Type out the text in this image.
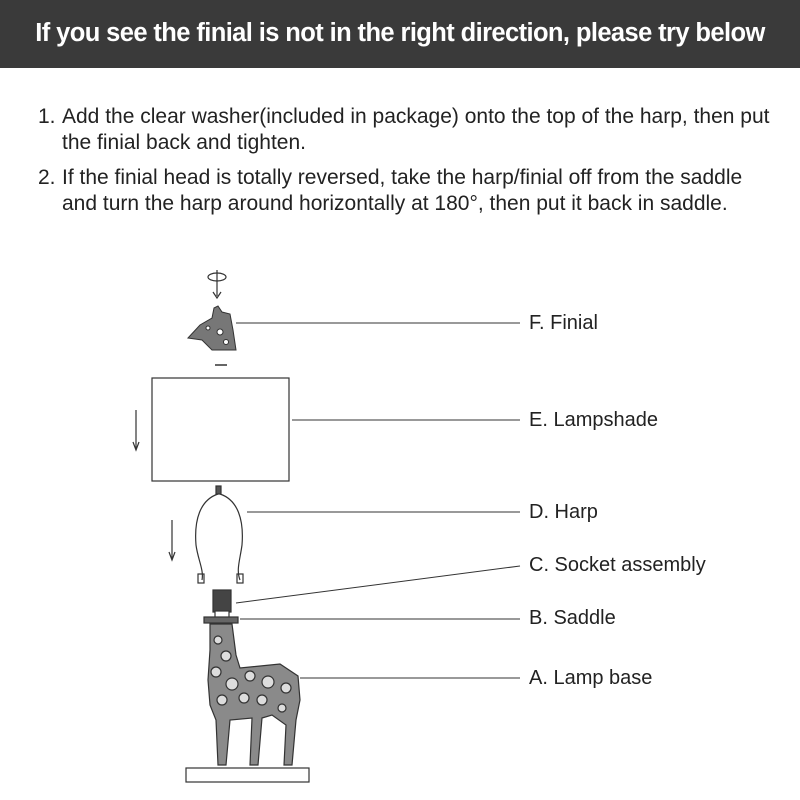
If you see the finial is not in the right direction, please try below
1. Add the clear washer(included in package) onto the top of the harp, then put the finial back and tighten.
2. If the finial head is totally reversed, take the harp/finial off from the saddle and turn the harp around horizontally at 180°, then put it back in saddle.
F. Finial
E. Lampshade
D. Harp
C. Socket assembly
B. Saddle
A. Lamp base
